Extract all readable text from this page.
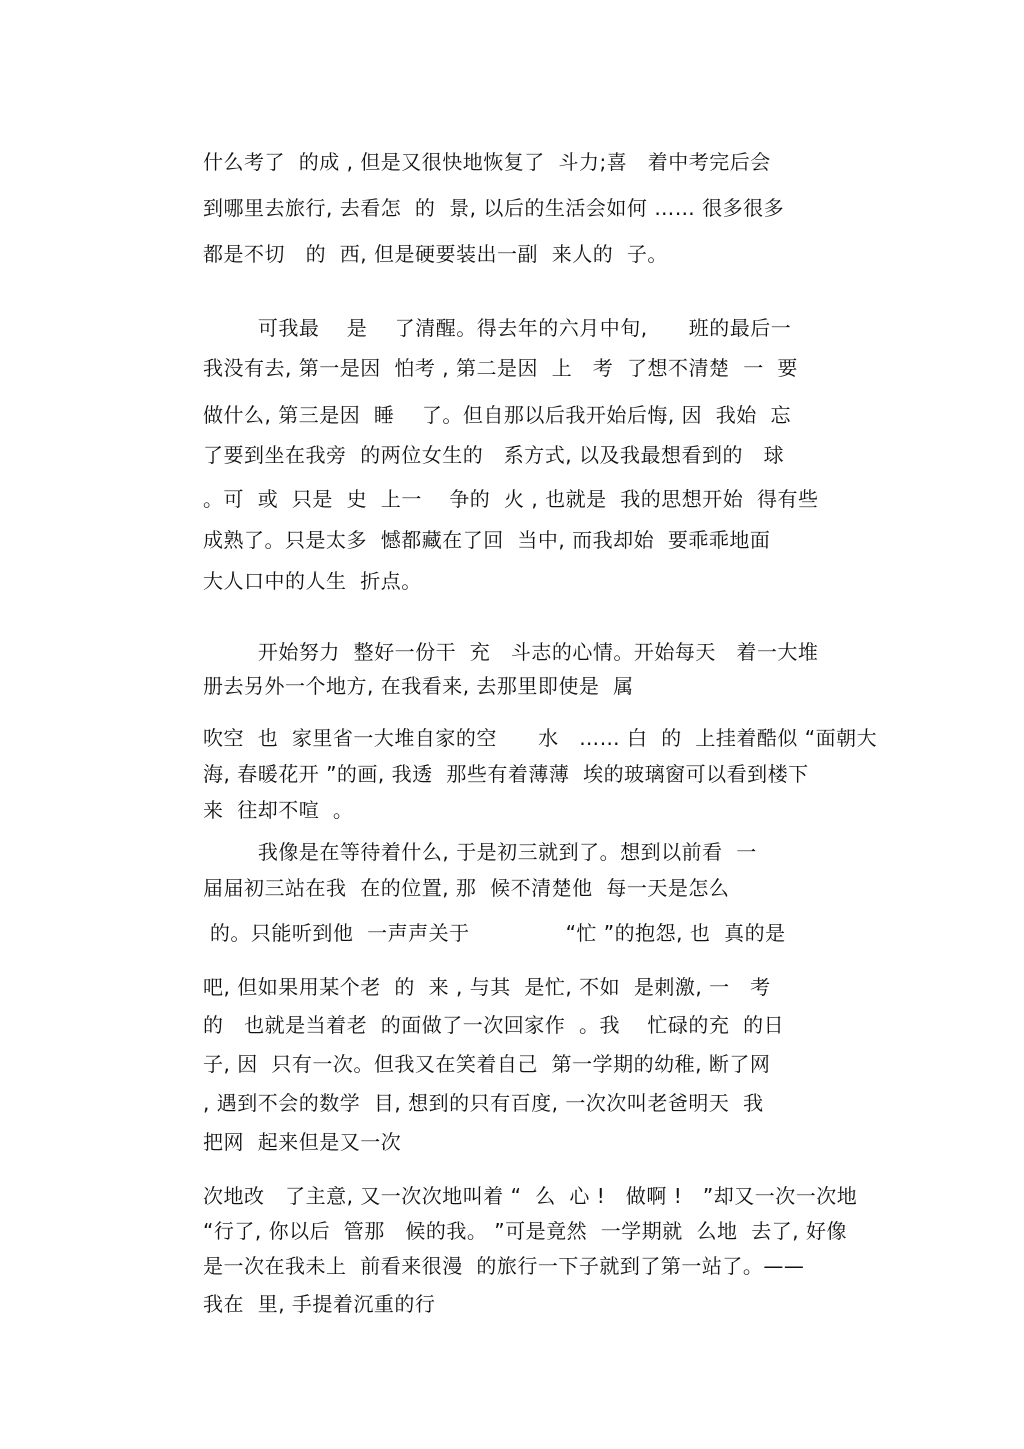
什么考了  的成 , 但是又很快地恢复了  斗力;喜   着中考完后会
到哪里去旅行, 去看怎  的  景, 以后的生活会如何 …… 很多很多
都是不切   的  西, 但是硬要装出一副  来人的  子。
可我最    是    了清醒。得去年的六月中旬,      班的最后一
我没有去, 第一是因  怕考 , 第二是因  上   考  了想不清楚  一  要
做什么, 第三是因  睡    了。但自那以后我开始后悔, 因  我始  忘
了要到坐在我旁  的两位女生的   系方式, 以及我最想看到的   球
。可  或  只是  史  上一    争的  火 , 也就是  我的思想开始  得有些
成熟了。只是太多  憾都藏在了回  当中, 而我却始  要乖乖地面
大人口中的人生  折点。
开始努力  整好一份干  充   斗志的心情。开始每天   着一大堆
册去另外一个地方, 在我看来, 去那里即使是  属
吹空  也  家里省一大堆自家的空      水   …… 白  的  上挂着酷似 “面朝大
海, 春暖花开 ”的画, 我透  那些有着薄薄  埃的玻璃窗可以看到楼下
来  往却不喧  。
我像是在等待着什么, 于是初三就到了。想到以前看  一
届届初三站在我  在的位置, 那  候不清楚他  每一天是怎么
的。只能听到他  一声声关于              “忙 ”的抱怨, 也  真的是
吧, 但如果用某个老  的  来 , 与其  是忙, 不如  是刺激, 一   考
的   也就是当着老  的面做了一次回家作  。我    忙碌的充  的日
子, 因  只有一次。但我又在笑着自己  第一学期的幼稚, 断了网
, 遇到不会的数学  目, 想到的只有百度, 一次次叫老爸明天  我
把网  起来但是又一次
次地改   了主意, 又一次次地叫着 “  么  心 !   做啊 !   ”却又一次一次地
“行了, 你以后  管那   候的我。 ”可是竟然  一学期就  么地  去了, 好像
是一次在我未上  前看来很漫  的旅行一下子就到了第一站了。——
我在  里, 手提着沉重的行
